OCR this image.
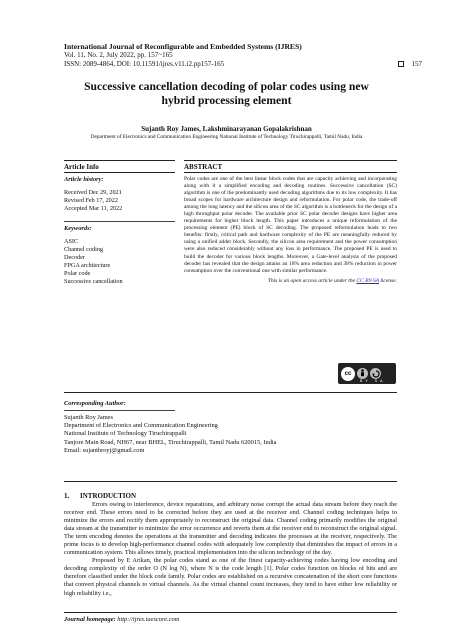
International Journal of Reconfigurable and Embedded Systems (IJRES)
Vol. 11, No. 2, July 2022, pp. 157~165
ISSN: 2089-4864, DOI: 10.11591/ijres.v11.i2.pp157-165	157
Successive cancellation decoding of polar codes using new
hybrid processing element
Sujanth Roy James, Lakshminarayanan Gopalakrishnan
Department of Electronics and Communication Engineering National Institute of Technology Tiruchirappalli, Tamil Nadu, India
Article Info
Article history:
Received Dec 29, 2021
Revised Feb 17, 2022
Accepted Mar 11, 2022
Keywords:
ASIC
Channel coding
Decoder
FPGA architecture
Polar code
Successive cancellation
ABSTRACT
Polar codes are one of the best linear block codes that are capacity achieving and incorporating along with it a simplified encoding and decoding routines. Successive cancellation (SC) algorithm is one of the predominantly used decoding algorithms due to its low complexity. It has broad scopes for hardware architecture design and reformulation. For polar code, the trade-off among the long latency and the silicon area of the SC algorithm is a bottleneck for the design of a high throughput polar decoder. The available prior SC polar decoder designs have higher area requirements for higher block length. This paper introduces a unique reformulation of the processing element (PE) block of SC decoding. The proposed reformulation leads to two benefits: firstly, critical path and hardware complexity of the PE are meaningfully reduced by using a unified adder block. Secondly, the silicon area requirement and the power consumption were also reduced considerably without any loss in performance. The proposed PE is used to build the decoder for various block lengths. Moreover, a Gate-level analysis of the proposed decoder has revealed that the design attains an 18% area reduction and 38% reduction in power consumption over the conventional one with similar performance.
This is an open access article under the CC BY-SA license.
cc
BY SA
Corresponding Author:
Sujanth Roy James
Department of Electronics and Communication Engineering
National Institute of Technology Tiruchirappalli
Tanjore Main Road, NH67, near BHEL, Tiruchirappalli, Tamil Nadu 620015, India
Email: sujanthroyj@gmail.com
1. INTRODUCTION

Errors owing to interference, device reparations, and arbitrary noise corrupt the actual data stream before they reach the receiver end. These errors need to be corrected before they are used at the receiver end. Channel coding techniques helps to minimize the errors and rectify them appropriately to reconstruct the original data. Channel coding primarily modifies the original data stream at the transmitter to minimize the error occurrence and reverts them at the receiver end to reconstruct the original signal. The term encoding denotes the operations at the transmitter and decoding indicates the processes at the receiver, respectively. The prime focus is to develop high-performance channel codes with adequately low complexity that diminishes the impact of errors in a communication system. This allows timely, practical implementation into the silicon technology of the day.

Proposed by E Arikan, the polar codes stand as one of the finest capacity-achieving codes having low encoding and decoding complexity of the order O (N log N), where N is the code length [1]. Polar codes function on blocks of bits and are therefore classified under the block code family. Polar codes are established on a recursive concatenation of the short core functions that convert physical channels to virtual channels. As the virtual channel count increases, they tend to have either low reliability or high reliability i.e.,

Journal homepage: http://ijres.iaescore.com
